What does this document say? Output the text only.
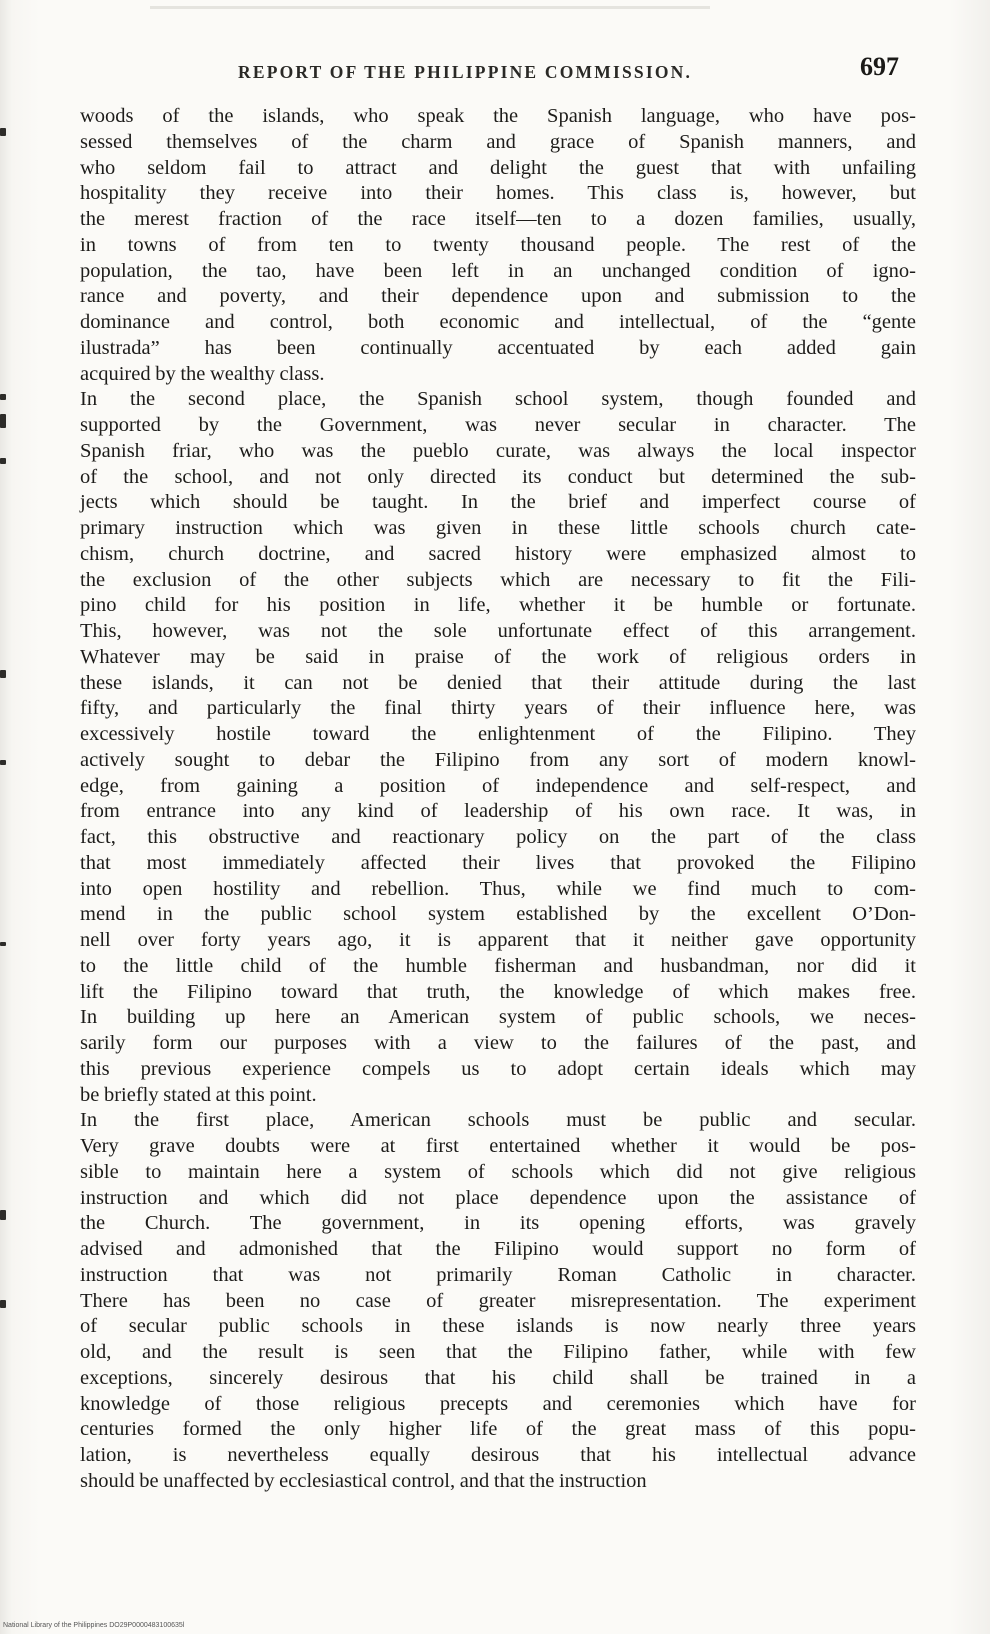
REPORT OF THE PHILIPPINE COMMISSION.	697
woods of the islands, who speak the Spanish language, who have pos-
sessed themselves of the charm and grace of Spanish manners, and
who seldom fail to attract and delight the guest that with unfailing
hospitality they receive into their homes. This class is, however, but
the merest fraction of the race itself—ten to a dozen families, usually,
in towns of from ten to twenty thousand people. The rest of the
population, the tao, have been left in an unchanged condition of igno-
rance and poverty, and their dependence upon and submission to the
dominance and control, both economic and intellectual, of the “gente
ilustrada” has been continually accentuated by each added gain
acquired by the wealthy class.
In the second place, the Spanish school system, though founded and
supported by the Government, was never secular in character. The
Spanish friar, who was the pueblo curate, was always the local inspector
of the school, and not only directed its conduct but determined the sub-
jects which should be taught. In the brief and imperfect course of
primary instruction which was given in these little schools church cate-
chism, church doctrine, and sacred history were emphasized almost to
the exclusion of the other subjects which are necessary to fit the Fili-
pino child for his position in life, whether it be humble or fortunate.
This, however, was not the sole unfortunate effect of this arrangement.
Whatever may be said in praise of the work of religious orders in
these islands, it can not be denied that their attitude during the last
fifty, and particularly the final thirty years of their influence here, was
excessively hostile toward the enlightenment of the Filipino. They
actively sought to debar the Filipino from any sort of modern knowl-
edge, from gaining a position of independence and self-respect, and
from entrance into any kind of leadership of his own race. It was, in
fact, this obstructive and reactionary policy on the part of the class
that most immediately affected their lives that provoked the Filipino
into open hostility and rebellion. Thus, while we find much to com-
mend in the public school system established by the excellent O’Don-
nell over forty years ago, it is apparent that it neither gave opportunity
to the little child of the humble fisherman and husbandman, nor did it
lift the Filipino toward that truth, the knowledge of which makes free.
In building up here an American system of public schools, we neces-
sarily form our purposes with a view to the failures of the past, and
this previous experience compels us to adopt certain ideals which may
be briefly stated at this point.
In the first place, American schools must be public and secular.
Very grave doubts were at first entertained whether it would be pos-
sible to maintain here a system of schools which did not give religious
instruction and which did not place dependence upon the assistance of
the Church. The government, in its opening efforts, was gravely
advised and admonished that the Filipino would support no form of
instruction that was not primarily Roman Catholic in character.
There has been no case of greater misrepresentation. The experiment
of secular public schools in these islands is now nearly three years
old, and the result is seen that the Filipino father, while with few
exceptions, sincerely desirous that his child shall be trained in a
knowledge of those religious precepts and ceremonies which have for
centuries formed the only higher life of the great mass of this popu-
lation, is nevertheless equally desirous that his intellectual advance
should be unaffected by ecclesiastical control, and that the instruction
National Library of the Philippines DO29P0000483100635l
